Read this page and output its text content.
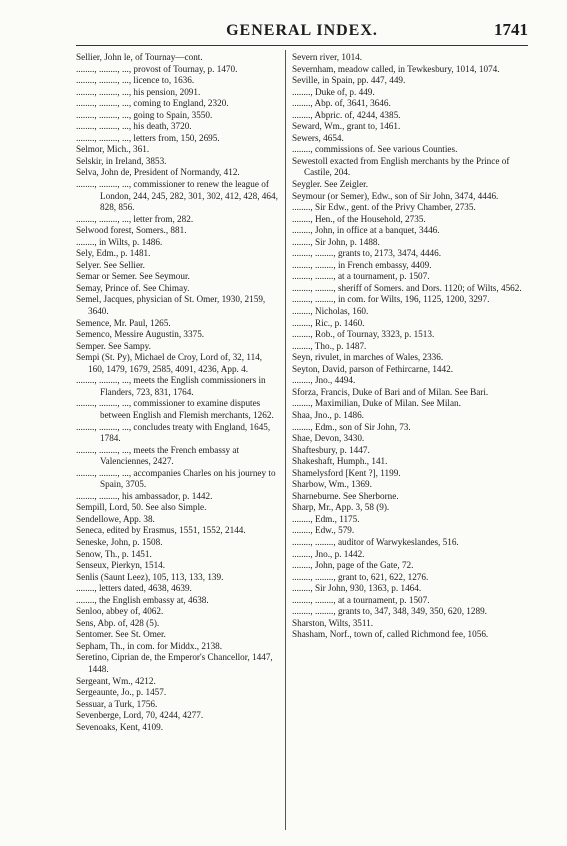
GENERAL INDEX.	1741

Sellier, John le, of Tournay—cont.

........, ........, ..., provost of Tournay, p. 1470.

........, ........, ..., licence to, 1636.

........, ........, ..., his pension, 2091.

........, ........, ..., coming to England, 2320.

........, ........, ..., going to Spain, 3550.

........, ........, ..., his death, 3720.

........, ........, ..., letters from, 150, 2695.

Selmor, Mich., 361.

Selskir, in Ireland, 3853.

Selva, John de, President of Normandy, 412.

........, ........, ..., commissioner to renew the league of London, 244, 245, 282, 301, 302, 412, 428, 464, 828, 856.

........, ........, ..., letter from, 282.

Selwood forest, Somers., 881.

........, in Wilts, p. 1486.

Sely, Edm., p. 1481.

Selyer. See Sellier.

Semar or Semer. See Seymour.

Semay, Prince of. See Chimay.

Semel, Jacques, physician of St. Omer, 1930, 2159, 3640.

Semence, Mr. Paul, 1265.

Semenco, Messire Augustin, 3375.

Semper. See Sampy.

Sempi (St. Py), Michael de Croy, Lord of, 32, 114, 160, 1479, 1679, 2585, 4091, 4236, App. 4.

........, ........, ..., meets the English commissioners in Flanders, 723, 831, 1764.

........, ........, ..., commissioner to examine disputes between English and Flemish merchants, 1262.

........, ........, ..., concludes treaty with England, 1645, 1784.

........, ........, ..., meets the French embassy at Valenciennes, 2427.

........, ........, ..., accompanies Charles on his journey to Spain, 3705.

........, ........, his ambassador, p. 1442.

Sempill, Lord, 50. See also Simple.

Sendellowe, App. 38.

Seneca, edited by Erasmus, 1551, 1552, 2144.

Seneske, John, p. 1508.

Senow, Th., p. 1451.

Senseux, Pierkyn, 1514.

Senlis (Saunt Leez), 105, 113, 133, 139.

........, letters dated, 4638, 4639.

........, the English embassy at, 4638.

Senloo, abbey of, 4062.

Sens, Abp. of, 428 (5).

Sentomer. See St. Omer.

Sepham, Th., in com. for Middx., 2138.

Seretino, Ciprian de, the Emperor's Chancellor, 1447, 1448.

Sergeant, Wm., 4212.

Sergeaunte, Jo., p. 1457.

Sessuar, a Turk, 1756.

Sevenberge, Lord, 70, 4244, 4277.

Sevenoaks, Kent, 4109.

Severn river, 1014.

Severnham, meadow called, in Tewkesbury, 1014, 1074.

Seville, in Spain, pp. 447, 449.

........, Duke of, p. 449.

........, Abp. of, 3641, 3646.

........, Abpric. of, 4244, 4385.

Seward, Wm., grant to, 1461.

Sewers, 4654.

........, commissions of. See various Counties.

Sewestoll exacted from English merchants by the Prince of Castile, 204.

Seygler. See Zeigler.

Seymour (or Semer), Edw., son of Sir John, 3474, 4446.

........, Sir Edw., gent. of the Privy Chamber, 2735.

........, Hen., of the Household, 2735.

........, John, in office at a banquet, 3446.

........, Sir John, p. 1488.

........, ........, grants to, 2173, 3474, 4446.

........, ........, in French embassy, 4409.

........, ........, at a tournament, p. 1507.

........, ........, sheriff of Somers. and Dors. 1120; of Wilts, 4562.

........, ........, in com. for Wilts, 196, 1125, 1200, 3297.

........, Nicholas, 160.

........, Ric., p. 1460.

........, Rob., of Tournay, 3323, p. 1513.

........, Tho., p. 1487.

Seyn, rivulet, in marches of Wales, 2336.

Seyton, David, parson of Fethircarne, 1442.

........, Jno., 4494.

Sforza, Francis, Duke of Bari and of Milan. See Bari.

........, Maximilian, Duke of Milan. See Milan.

Shaa, Jno., p. 1486.

........, Edm., son of Sir John, 73.

Shae, Devon, 3430.

Shaftesbury, p. 1447.

Shakeshaft, Humph., 141.

Shamelysford [Kent ?], 1199.

Sharbow, Wm., 1369.

Sharneburne. See Sherborne.

Sharp, Mr., App. 3, 58 (9).

........, Edm., 1175.

........, Edw., 579.

........, ........, auditor of Warwykeslandes, 516.

........, Jno., p. 1442.

........, John, page of the Gate, 72.

........, ........, grant to, 621, 622, 1276.

........, Sir John, 930, 1363, p. 1464.

........, ........, at a tournament, p. 1507.

........, ........, grants to, 347, 348, 349, 350, 620, 1289.

Sharston, Wilts, 3511.

Shasham, Norf., town of, called Richmond fee, 1056.
